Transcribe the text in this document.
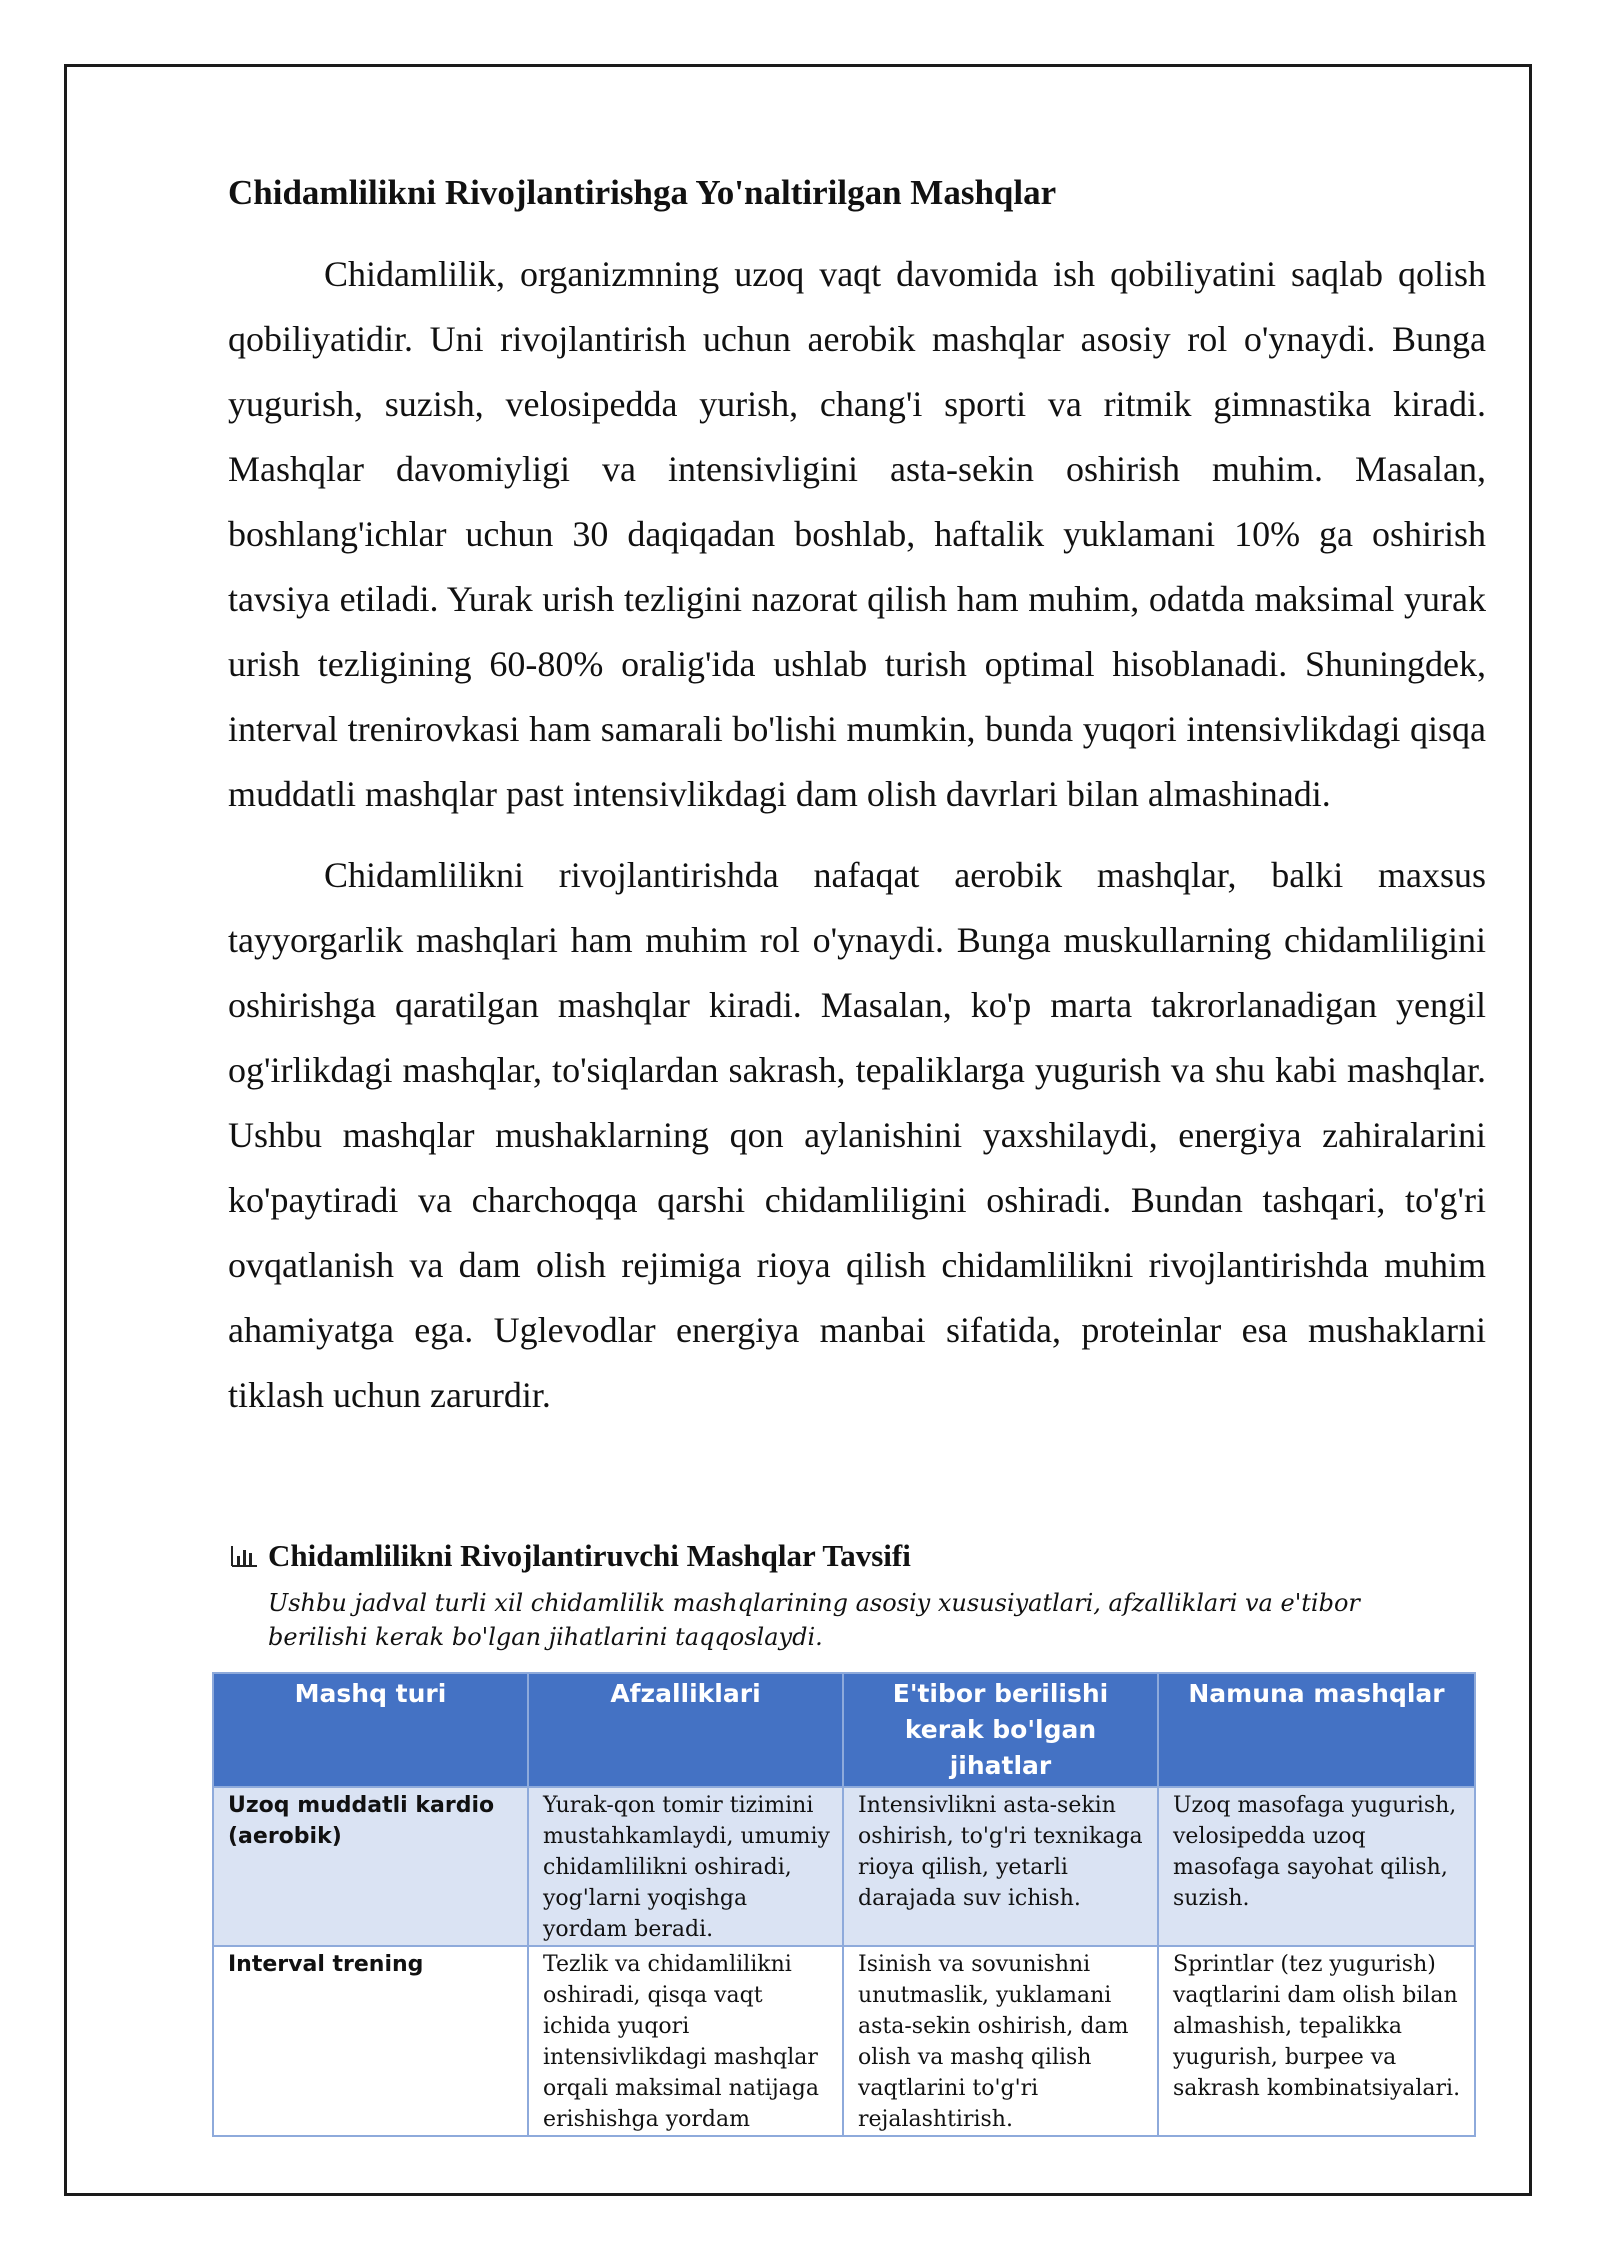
Chidamlilikni Rivojlantirishga Yo'naltirilgan Mashqlar

Chidamlilik, organizmning uzoq vaqt davomida ish qobiliyatini saqlab qolish qobiliyatidir. Uni rivojlantirish uchun aerobik mashqlar asosiy rol o'ynaydi. Bunga yugurish, suzish, velosipedda yurish, chang'i sporti va ritmik gimnastika kiradi. Mashqlar davomiyligi va intensivligini asta-sekin oshirish muhim. Masalan, boshlang'ichlar uchun 30 daqiqadan boshlab, haftalik yuklamani 10% ga oshirish tavsiya etiladi. Yurak urish tezligini nazorat qilish ham muhim, odatda maksimal yurak urish tezligining 60-80% oralig'ida ushlab turish optimal hisoblanadi. Shuningdek, interval trenirovkasi ham samarali bo'lishi mumkin, bunda yuqori intensivlikdagi qisqa muddatli mashqlar past intensivlikdagi dam olish davrlari bilan almashinadi.

Chidamlilikni rivojlantirishda nafaqat aerobik mashqlar, balki maxsus tayyorgarlik mashqlari ham muhim rol o'ynaydi. Bunga muskullarning chidamliligini oshirishga qaratilgan mashqlar kiradi. Masalan, ko'p marta takrorlanadigan yengil og'irlikdagi mashqlar, to'siqlardan sakrash, tepaliklarga yugurish va shu kabi mashqlar. Ushbu mashqlar mushaklarning qon aylanishini yaxshilaydi, energiya zahiralarini ko'paytiradi va charchoqqa qarshi chidamliligini oshiradi. Bundan tashqari, to'g'ri ovqatlanish va dam olish rejimiga rioya qilish chidamlilikni rivojlantirishda muhim ahamiyatga ega. Uglevodlar energiya manbai sifatida, proteinlar esa mushaklarni tiklash uchun zarurdir.

Chidamlilikni Rivojlantiruvchi Mashqlar Tavsifi
Ushbu jadval turli xil chidamlilik mashqlarining asosiy xususiyatlari, afzalliklari va e'tibor berilishi kerak bo'lgan jihatlarini taqqoslaydi.
Mashq turi	Afzalliklari	E'tibor berilishi kerak bo'lgan jihatlar	Namuna mashqlar
Uzoq muddatli kardio (aerobik)	Yurak-qon tomir tizimini mustahkamlaydi, umumiy chidamlilikni oshiradi, yog'larni yoqishga yordam beradi.	Intensivlikni asta-sekin oshirish, to'g'ri texnikaga rioya qilish, yetarli darajada suv ichish.	Uzoq masofaga yugurish, velosipedda uzoq masofaga sayohat qilish, suzish.
Interval trening	Tezlik va chidamlilikni oshiradi, qisqa vaqt ichida yuqori intensivlikdagi mashqlar orqali maksimal natijaga erishishga yordam	Isinish va sovunishni unutmaslik, yuklamani asta-sekin oshirish, dam olish va mashq qilish vaqtlarini to'g'ri rejalashtirish.	Sprintlar (tez yugurish) vaqtlarini dam olish bilan almashish, tepalikka yugurish, burpee va sakrash kombinatsiyalari.
